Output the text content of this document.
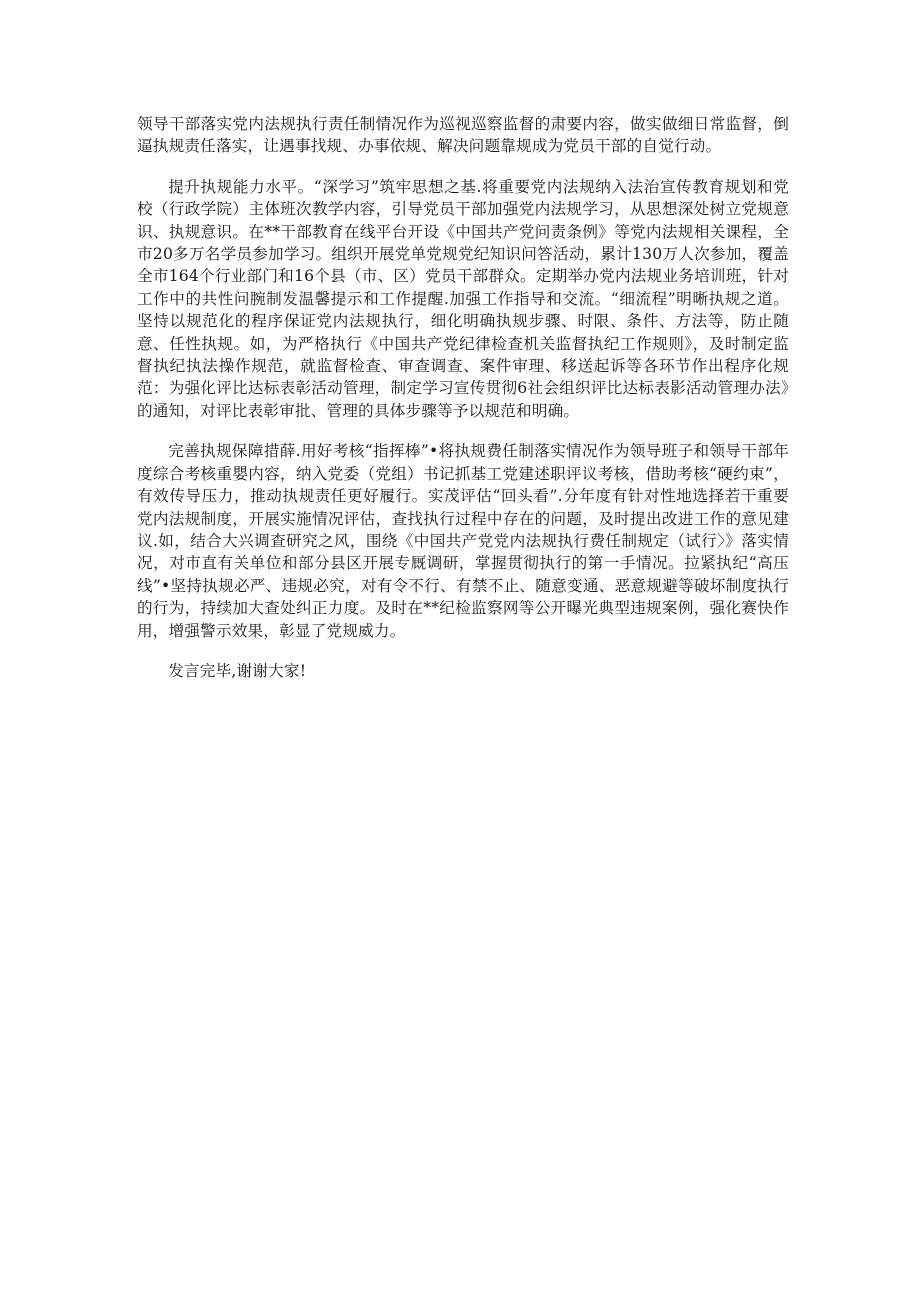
领导干部落实党内法规执行责任制情况作为巡视巡察监督的肃要内容，做实做细日常监督，倒逼执规责任落实，让遇事找规、办事依规、解决问题靠规成为党员干部的自觉行动。

提升执规能力水平。“深学习”筑牢思想之基.将重要党内法规纳入法治宣传教育规划和党校（行政学院）主体班次教学内容，引导党员干部加强党内法规学习，从思想深处树立党规意识、执规意识。在**干部教育在线平台开设《中国共产党问责条例》等党内法规相关课程，全市20多万名学员参加学习。组织开展党单党规党纪知识问答活动，累计130万人次参加，覆盖全市164个行业部门和16个县（市、区）党员干部群众。定期举办党内法规业务培训班，针对工作中的共性问腕制发温馨提示和工作提醒.加强工作指导和交流。“细流程”明晰执规之道。坚恃以规范化的程序保证党内法规执行，细化明确执规步骤、时限、条件、方法等，防止随意、任性执规。如，为严格执行《中国共产党纪律检查机关监督执纪工作规则》，及时制定监督执纪执法操作规范，就监督检查、审查调查、案件审理、移送起诉等各环节作出程序化规范：为强化评比达标表彰活动管理，制定学习宣传贯彻6社会组织评比达标表影活动管理办法》的通知，对评比表彰审批、管理的具体步骤等予以规范和明确。

完善执规保障措薛.用好考核“指挥棒”•将执规费任制落实情况作为领导班子和领导干部年度综合考核重嬰内容，纳入党委（党组）书记抓基工党建述职评议考核，借助考核“硬约束”，有效传导压力，推动执规责任更好履行。实茂评估“回头看”.分年度有针对性地选择若干重要党内法规制度，开展实施情况评估，查找执行过程中存在的问题，及时提出改进工作的意见建议.如，结合大兴调查研究之风，围绕《中国共产党党内法规执行费任制规定（试行〉》落实情况，对市直有关单位和部分县区开展专厩调研，掌握贯彻执行的第一手情况。拉紧执纪“高压线”•坚持执规必严、违规必究，对有令不行、有禁不止、随意变通、恶意规避等破坏制度执行的行为，持续加大查处纠正力度。及时在**纪检监察网等公开曝光典型违规案例，强化赛快作用，增强警示效果，彰显了党规威力。

发言完毕,谢谢大家!
